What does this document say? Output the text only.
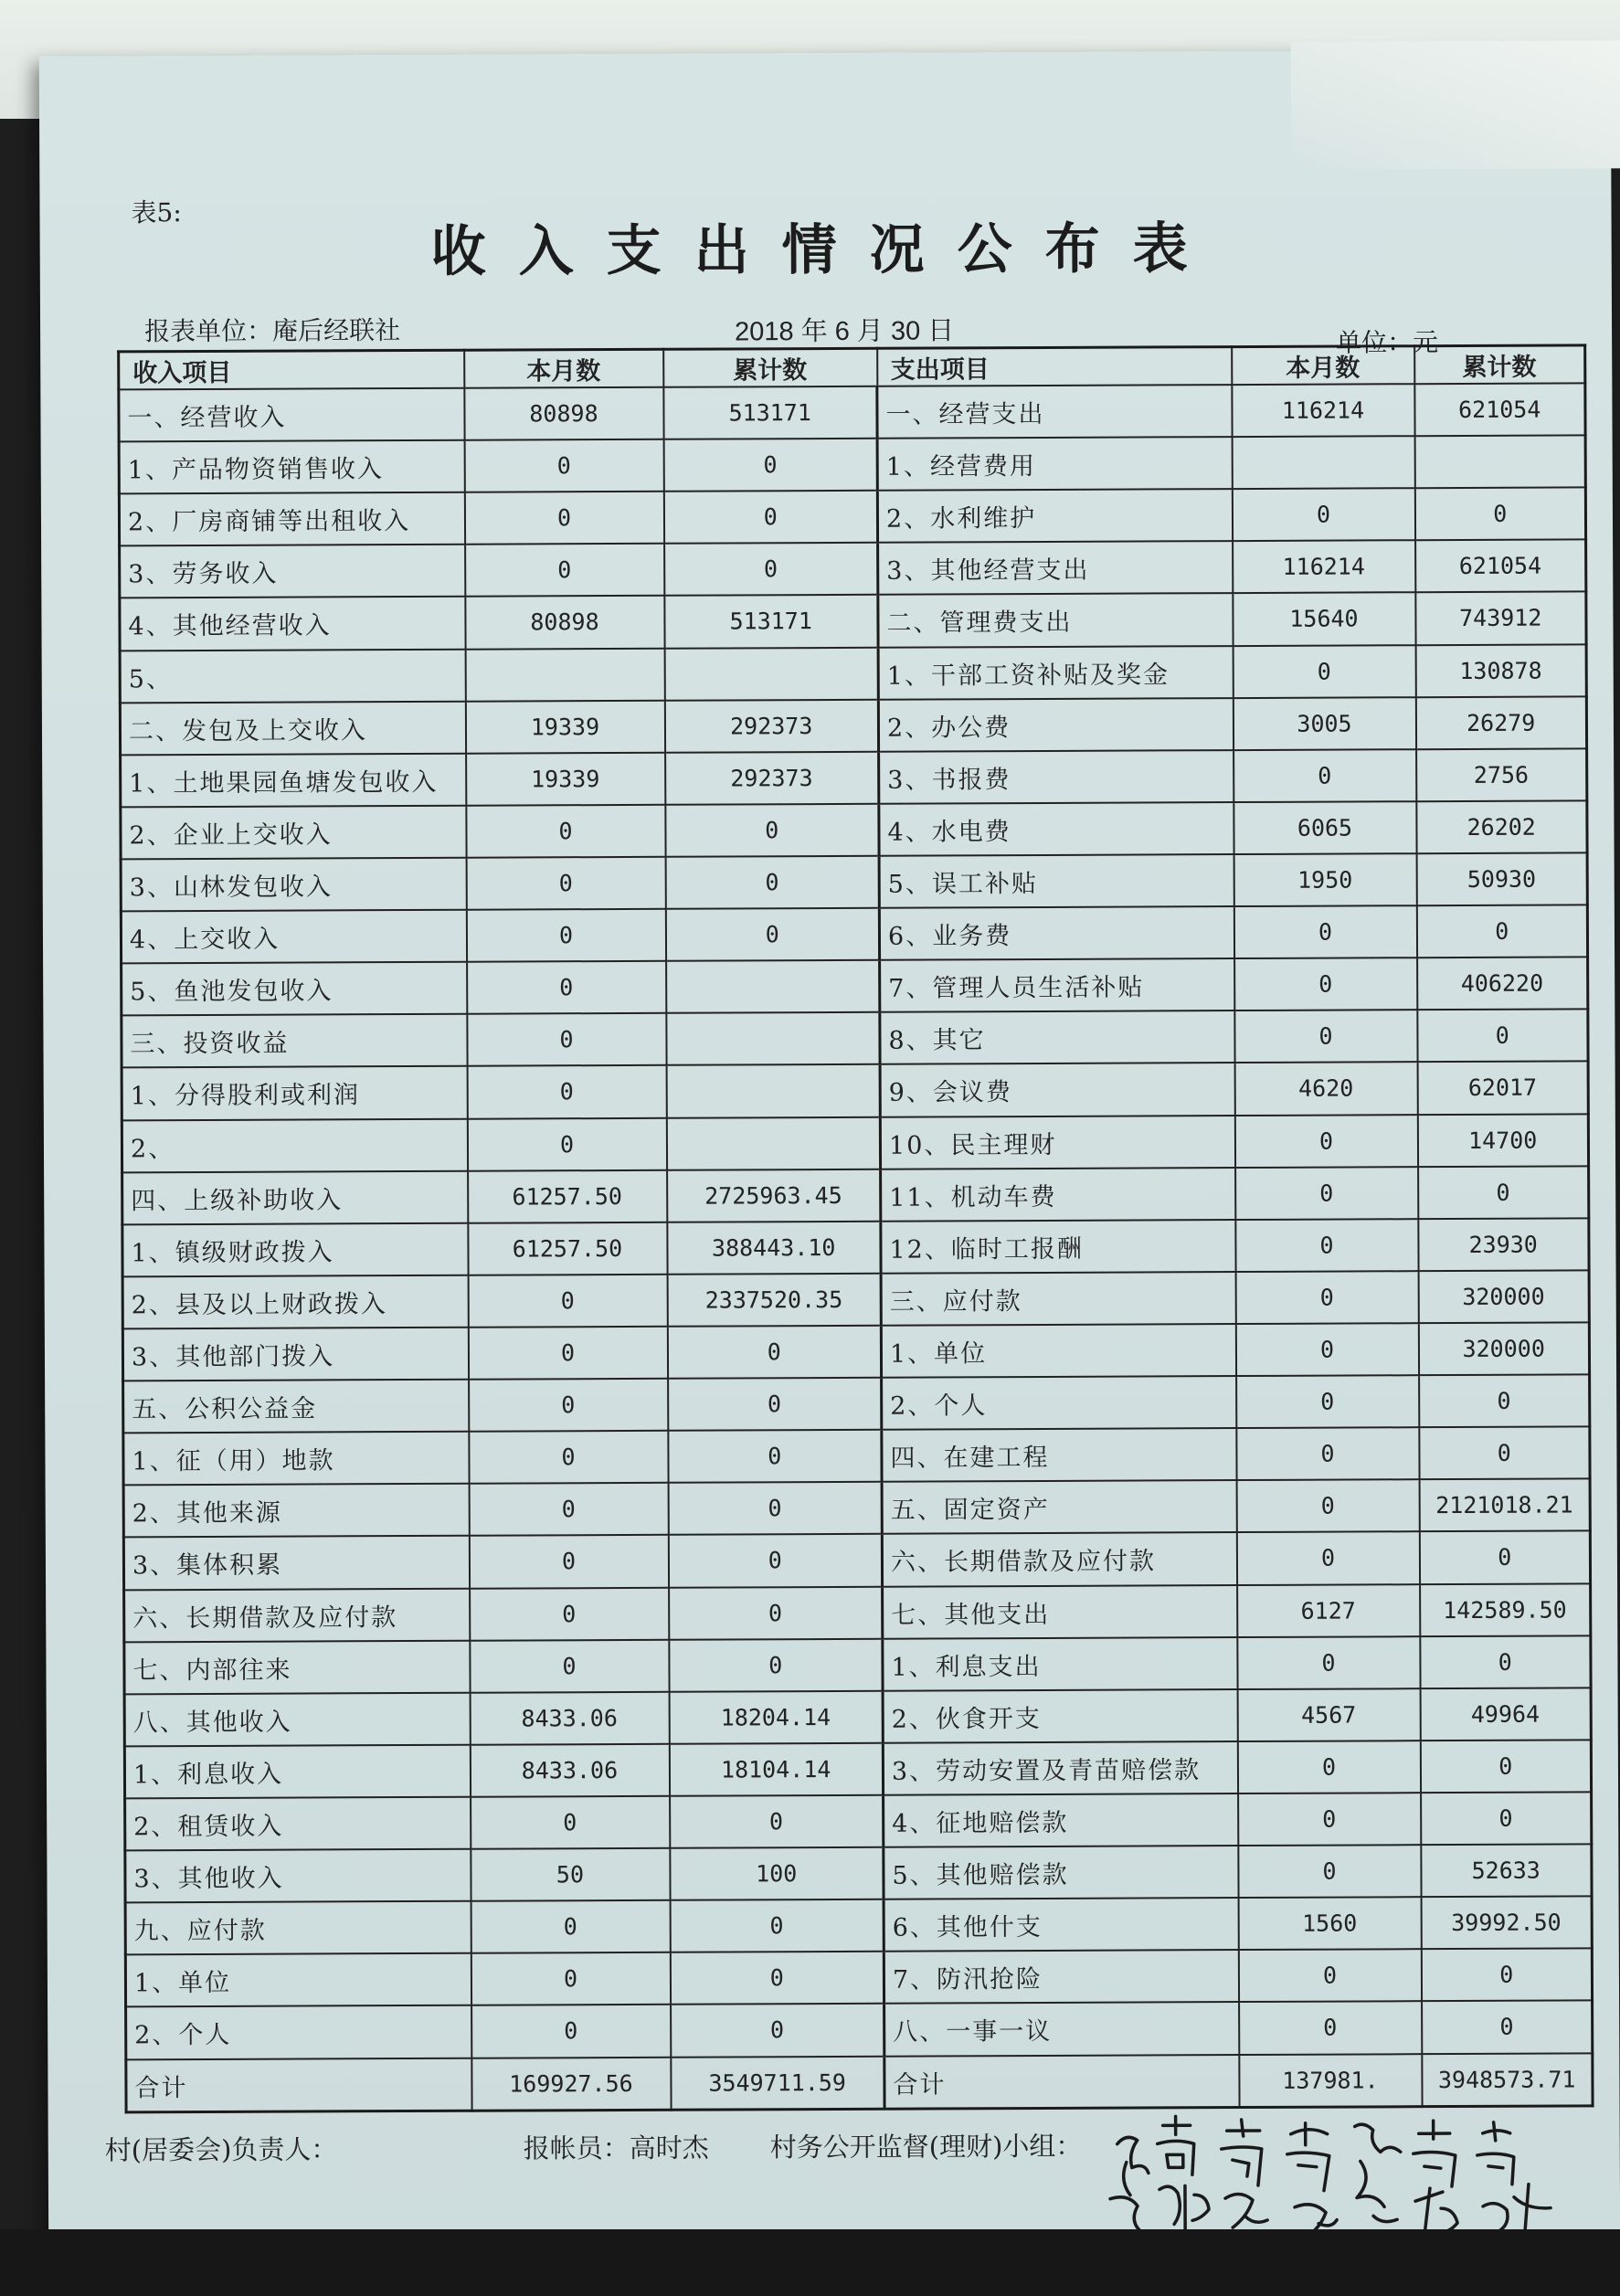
表5:
收入支出情况公布表
报表单位：庵后经联社	2018 年 6 月 30 日	单位：元
收入项目	本月数	累计数	支出项目	本月数	累计数
一、经营收入	80898	513171	一、经营支出	116214	621054
1、产品物资销售收入	0	0	1、经营费用		
2、厂房商铺等出租收入	0	0	2、水利维护	0	0
3、劳务收入	0	0	3、其他经营支出	116214	621054
4、其他经营收入	80898	513171	二、管理费支出	15640	743912
5、			1、干部工资补贴及奖金	0	130878
二、发包及上交收入	19339	292373	2、办公费	3005	26279
1、土地果园鱼塘发包收入	19339	292373	3、书报费	0	2756
2、企业上交收入	0	0	4、水电费	6065	26202
3、山林发包收入	0	0	5、误工补贴	1950	50930
4、上交收入	0	0	6、业务费	0	0
5、鱼池发包收入	0		7、管理人员生活补贴	0	406220
三、投资收益	0		8、其它	0	0
1、分得股利或利润	0		9、会议费	4620	62017
2、	0		10、民主理财	0	14700
四、上级补助收入	61257.50	2725963.45	11、机动车费	0	0
1、镇级财政拨入	61257.50	388443.10	12、临时工报酬	0	23930
2、县及以上财政拨入	0	2337520.35	三、应付款	0	320000
3、其他部门拨入	0	0	1、单位	0	320000
五、公积公益金	0	0	2、个人	0	0
1、征（用）地款	0	0	四、在建工程	0	0
2、其他来源	0	0	五、固定资产	0	2121018.21
3、集体积累	0	0	六、长期借款及应付款	0	0
六、长期借款及应付款	0	0	七、其他支出	6127	142589.50
七、内部往来	0	0	1、利息支出	0	0
八、其他收入	8433.06	18204.14	2、伙食开支	4567	49964
1、利息收入	8433.06	18104.14	3、劳动安置及青苗赔偿款	0	0
2、租赁收入	0	0	4、征地赔偿款	0	0
3、其他收入	50	100	5、其他赔偿款	0	52633
九、应付款	0	0	6、其他什支	1560	39992.50
1、单位	0	0	7、防汛抢险	0	0
2、个人	0	0	八、一事一议	0	0
合计	169927.56	3549711.59	合计	137981.	3948573.71
村(居委会)负责人：	报帐员：高时杰 村务公开监督(理财)小组：
